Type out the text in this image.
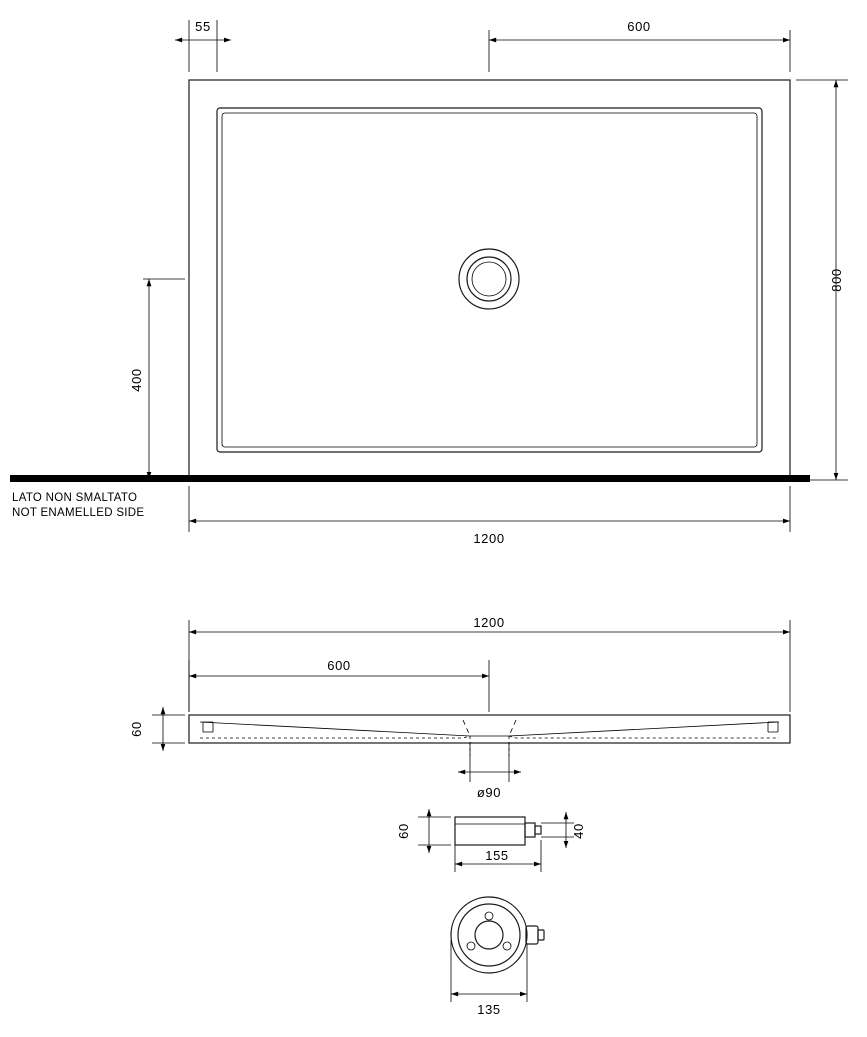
55	600
800
400
1200
LATO NON SMALTATO
NOT ENAMELLED SIDE
1200
600
60
ø90
60	40
155
135
